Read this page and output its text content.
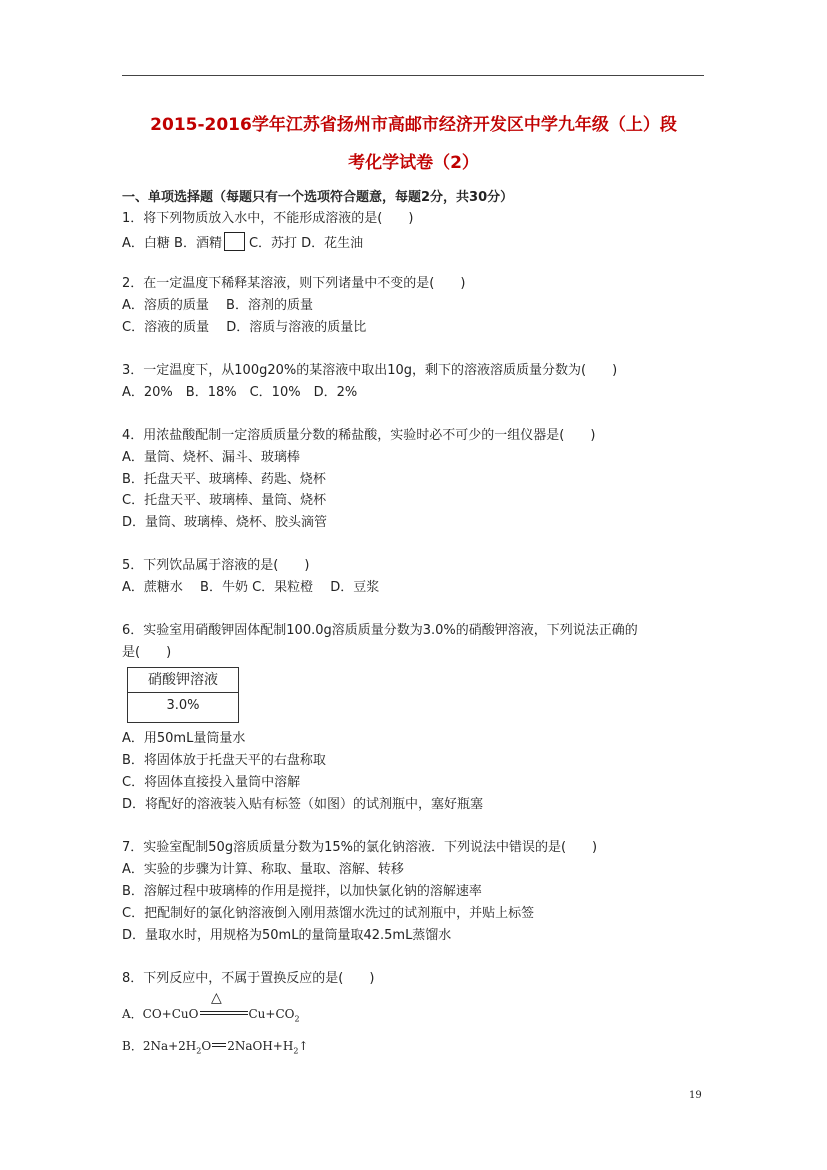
2015-2016学年江苏省扬州市高邮市经济开发区中学九年级（上）段
考化学试卷（2）
一、单项选择题（每题只有一个选项符合题意，每题2分，共30分）
1．将下列物质放入水中，不能形成溶液的是(　　)
A．白糖 B．酒精 C．苏打 D．花生油
2．在一定温度下稀释某溶液，则下列诸量中不变的是(　　)
A．溶质的质量　 B．溶剂的质量
C．溶液的质量　 D．溶质与溶液的质量比
3．一定温度下，从100g20%的某溶液中取出10g，剩下的溶液溶质质量分数为(　　)
A．20%　B．18%　C．10%　D．2%
4．用浓盐酸配制一定溶质质量分数的稀盐酸，实验时必不可少的一组仪器是(　　)
A．量筒、烧杯、漏斗、玻璃棒
B．托盘天平、玻璃棒、药匙、烧杯
C．托盘天平、玻璃棒、量筒、烧杯
D．量筒、玻璃棒、烧杯、胶头滴管
5．下列饮品属于溶液的是(　　)
A．蔗糖水　 B．牛奶 C．果粒橙　 D．豆浆
6．实验室用硝酸钾固体配制100.0g溶质质量分数为3.0%的硝酸钾溶液，下列说法正确的
是(　　)
硝酸钾溶液
3.0%
A．用50mL量筒量水
B．将固体放于托盘天平的右盘称取
C．将固体直接投入量筒中溶解
D．将配好的溶液装入贴有标签（如图）的试剂瓶中，塞好瓶塞
7．实验室配制50g溶质质量分数为15%的氯化钠溶液．下列说法中错误的是(　　)
A．实验的步骤为计算、称取、量取、溶解、转移
B．溶解过程中玻璃棒的作用是搅拌，以加快氯化钠的溶解速率
C．把配制好的氯化钠溶液倒入刚用蒸馏水洗过的试剂瓶中，并贴上标签
D．量取水时，用规格为50mL的量筒量取42.5mL蒸馏水
8．下列反应中，不属于置换反应的是(　　)
△
A．CO+CuO	$Cu+CO_2$
B．$2Na+2H_2O$ $2NaOH+H_2↑$
19
